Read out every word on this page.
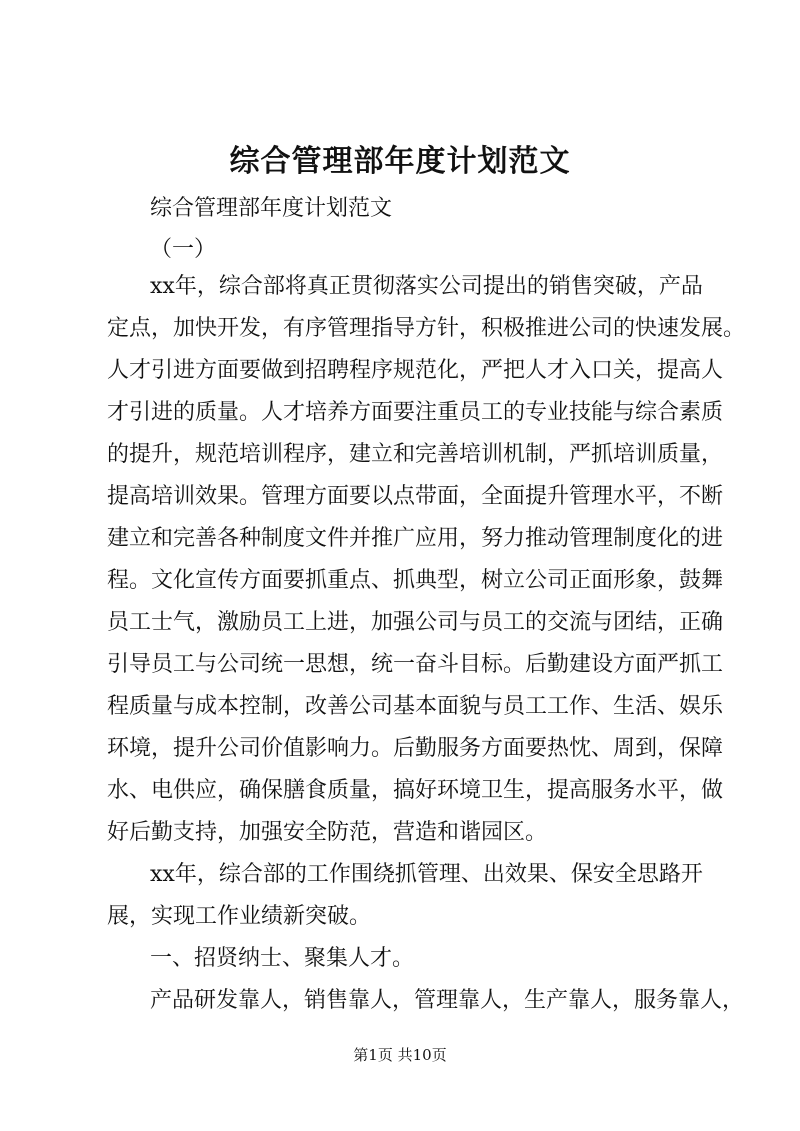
综合管理部年度计划范文

综合管理部年度计划范文

（一）

xx年，综合部将真正贯彻落实公司提出的销售突破，产品

定点，加快开发，有序管理指导方针，积极推进公司的快速发展。

人才引进方面要做到招聘程序规范化，严把人才入口关，提高人

才引进的质量。人才培养方面要注重员工的专业技能与综合素质

的提升，规范培训程序，建立和完善培训机制，严抓培训质量，

提高培训效果。管理方面要以点带面，全面提升管理水平，不断

建立和完善各种制度文件并推广应用，努力推动管理制度化的进

程。文化宣传方面要抓重点、抓典型，树立公司正面形象，鼓舞

员工士气，激励员工上进，加强公司与员工的交流与团结，正确

引导员工与公司统一思想，统一奋斗目标。后勤建设方面严抓工

程质量与成本控制，改善公司基本面貌与员工工作、生活、娱乐

环境，提升公司价值影响力。后勤服务方面要热忱、周到，保障

水、电供应，确保膳食质量，搞好环境卫生，提高服务水平，做

好后勤支持，加强安全防范，营造和谐园区。

xx年，综合部的工作围绕抓管理、出效果、保安全思路开

展，实现工作业绩新突破。

一、招贤纳士、聚集人才。

产品研发靠人，销售靠人，管理靠人，生产靠人，服务靠人，

第1页 共10页
